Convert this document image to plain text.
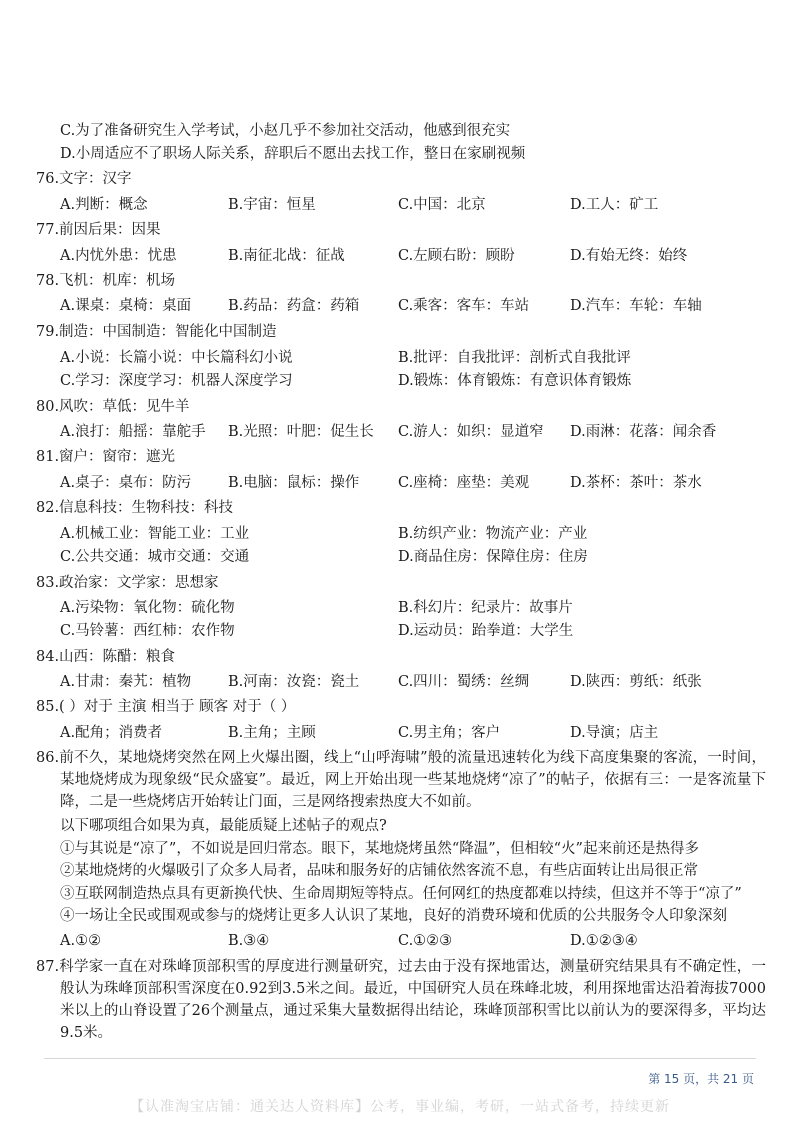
C.为了准备研究生入学考试，小赵几乎不参加社交活动，他感到很充实
D.小周适应不了职场人际关系，辞职后不愿出去找工作，整日在家刷视频
76.文字：汉字
A.判断：概念	B.宇宙：恒星	C.中国：北京	D.工人：矿工
77.前因后果：因果
A.内忧外患：忧患	B.南征北战：征战	C.左顾右盼：顾盼	D.有始无终：始终
78.飞机：机库：机场
A.课桌：桌椅：桌面	B.药品：药盒：药箱	C.乘客：客车：车站	D.汽车：车轮：车轴
79.制造：中国制造：智能化中国制造
A.小说：长篇小说：中长篇科幻小说	B.批评：自我批评：剖析式自我批评
C.学习：深度学习：机器人深度学习	D.锻炼：体育锻炼：有意识体育锻炼
80.风吹：草低：见牛羊
A.浪打：船摇：靠舵手 B.光照：叶肥：促生长 C.游人：如织：显道窄 D.雨淋：花落：闻余香
81.窗户：窗帘：遮光
A.桌子：桌布：防污	B.电脑：鼠标：操作	C.座椅：座垫：美观	D.茶杯：茶叶：茶水
82.信息科技：生物科技：科技
A.机械工业：智能工业：工业	B.纺织产业：物流产业：产业
C.公共交通：城市交通：交通	D.商品住房：保障住房：住房
83.政治家：文学家：思想家
A.污染物：氧化物：硫化物	B.科幻片：纪录片：故事片
C.马铃薯：西红柿：农作物	D.运动员：跆拳道：大学生
84.山西：陈醋：粮食
A.甘肃：秦艽：植物	B.河南：汝瓷：瓷土	C.四川：蜀绣：丝绸	D.陕西：剪纸：纸张
85.( ）对于 主演 相当于 顾客 对于（ ）
A.配角；消费者	B.主角；主顾	C.男主角；客户	D.导演；店主
86.前不久，某地烧烤突然在网上火爆出圈，线上“山呼海啸”般的流量迅速转化为线下高度集聚的客流，一时间，某地烧烤成为现象级“民众盛宴”。最近，网上开始出现一些某地烧烤“凉了”的帖子，依据有三：一是客流量下降，二是一些烧烤店开始转让门面，三是网络搜索热度大不如前。
以下哪项组合如果为真，最能质疑上述帖子的观点?
①与其说是“凉了”，不如说是回归常态。眼下，某地烧烤虽然“降温”，但相较“火”起来前还是热得多
②某地烧烤的火爆吸引了众多人局者，品味和服务好的店铺依然客流不息，有些店面转让出局很正常
③互联网制造热点具有更新换代快、生命周期短等特点。任何网红的热度都难以持续，但这并不等于“凉了”
④一场让全民或围观或参与的烧烤让更多人认识了某地，良好的消费环境和优质的公共服务令人印象深刻
A.①②	B.③④	C.①②③	D.①②③④
87.科学家一直在对珠峰顶部积雪的厚度进行测量研究，过去由于没有探地雷达，测量研究结果具有不确定性，一般认为珠峰顶部积雪深度在0.92到3.5米之间。最近，中国研究人员在珠峰北坡，利用探地雷达沿着海拔7000米以上的山脊设置了26个测量点，通过采集大量数据得出结论，珠峰顶部积雪比以前认为的要深得多，平均达9.5米。
第 15 页，共 21 页
【认准淘宝店铺：通关达人资料库】公考，事业编，考研，一站式备考，持续更新
